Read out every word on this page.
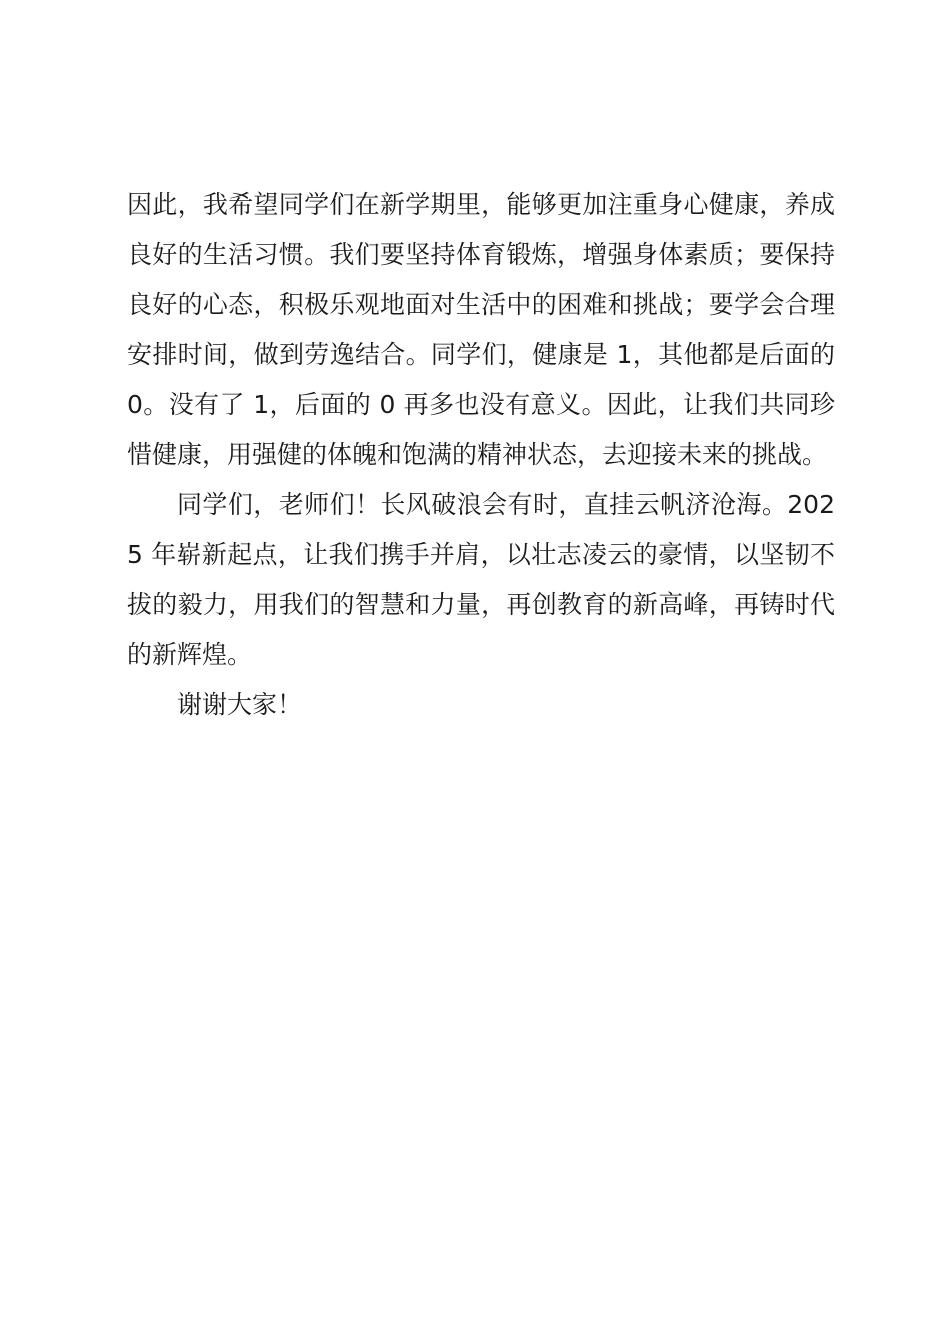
因此，我希望同学们在新学期里，能够更加注重身心健康，养成良好的生活习惯。我们要坚持体育锻炼，增强身体素质；要保持良好的心态，积极乐观地面对生活中的困难和挑战；要学会合理安排时间，做到劳逸结合。同学们，健康是 1，其他都是后面的 0。没有了 1，后面的 0 再多也没有意义。因此，让我们共同珍惜健康，用强健的体魄和饱满的精神状态，去迎接未来的挑战。

同学们，老师们！长风破浪会有时，直挂云帆济沧海。2025 年崭新起点，让我们携手并肩，以壮志凌云的豪情，以坚韧不拔的毅力，用我们的智慧和力量，再创教育的新高峰，再铸时代的新辉煌。

谢谢大家！
